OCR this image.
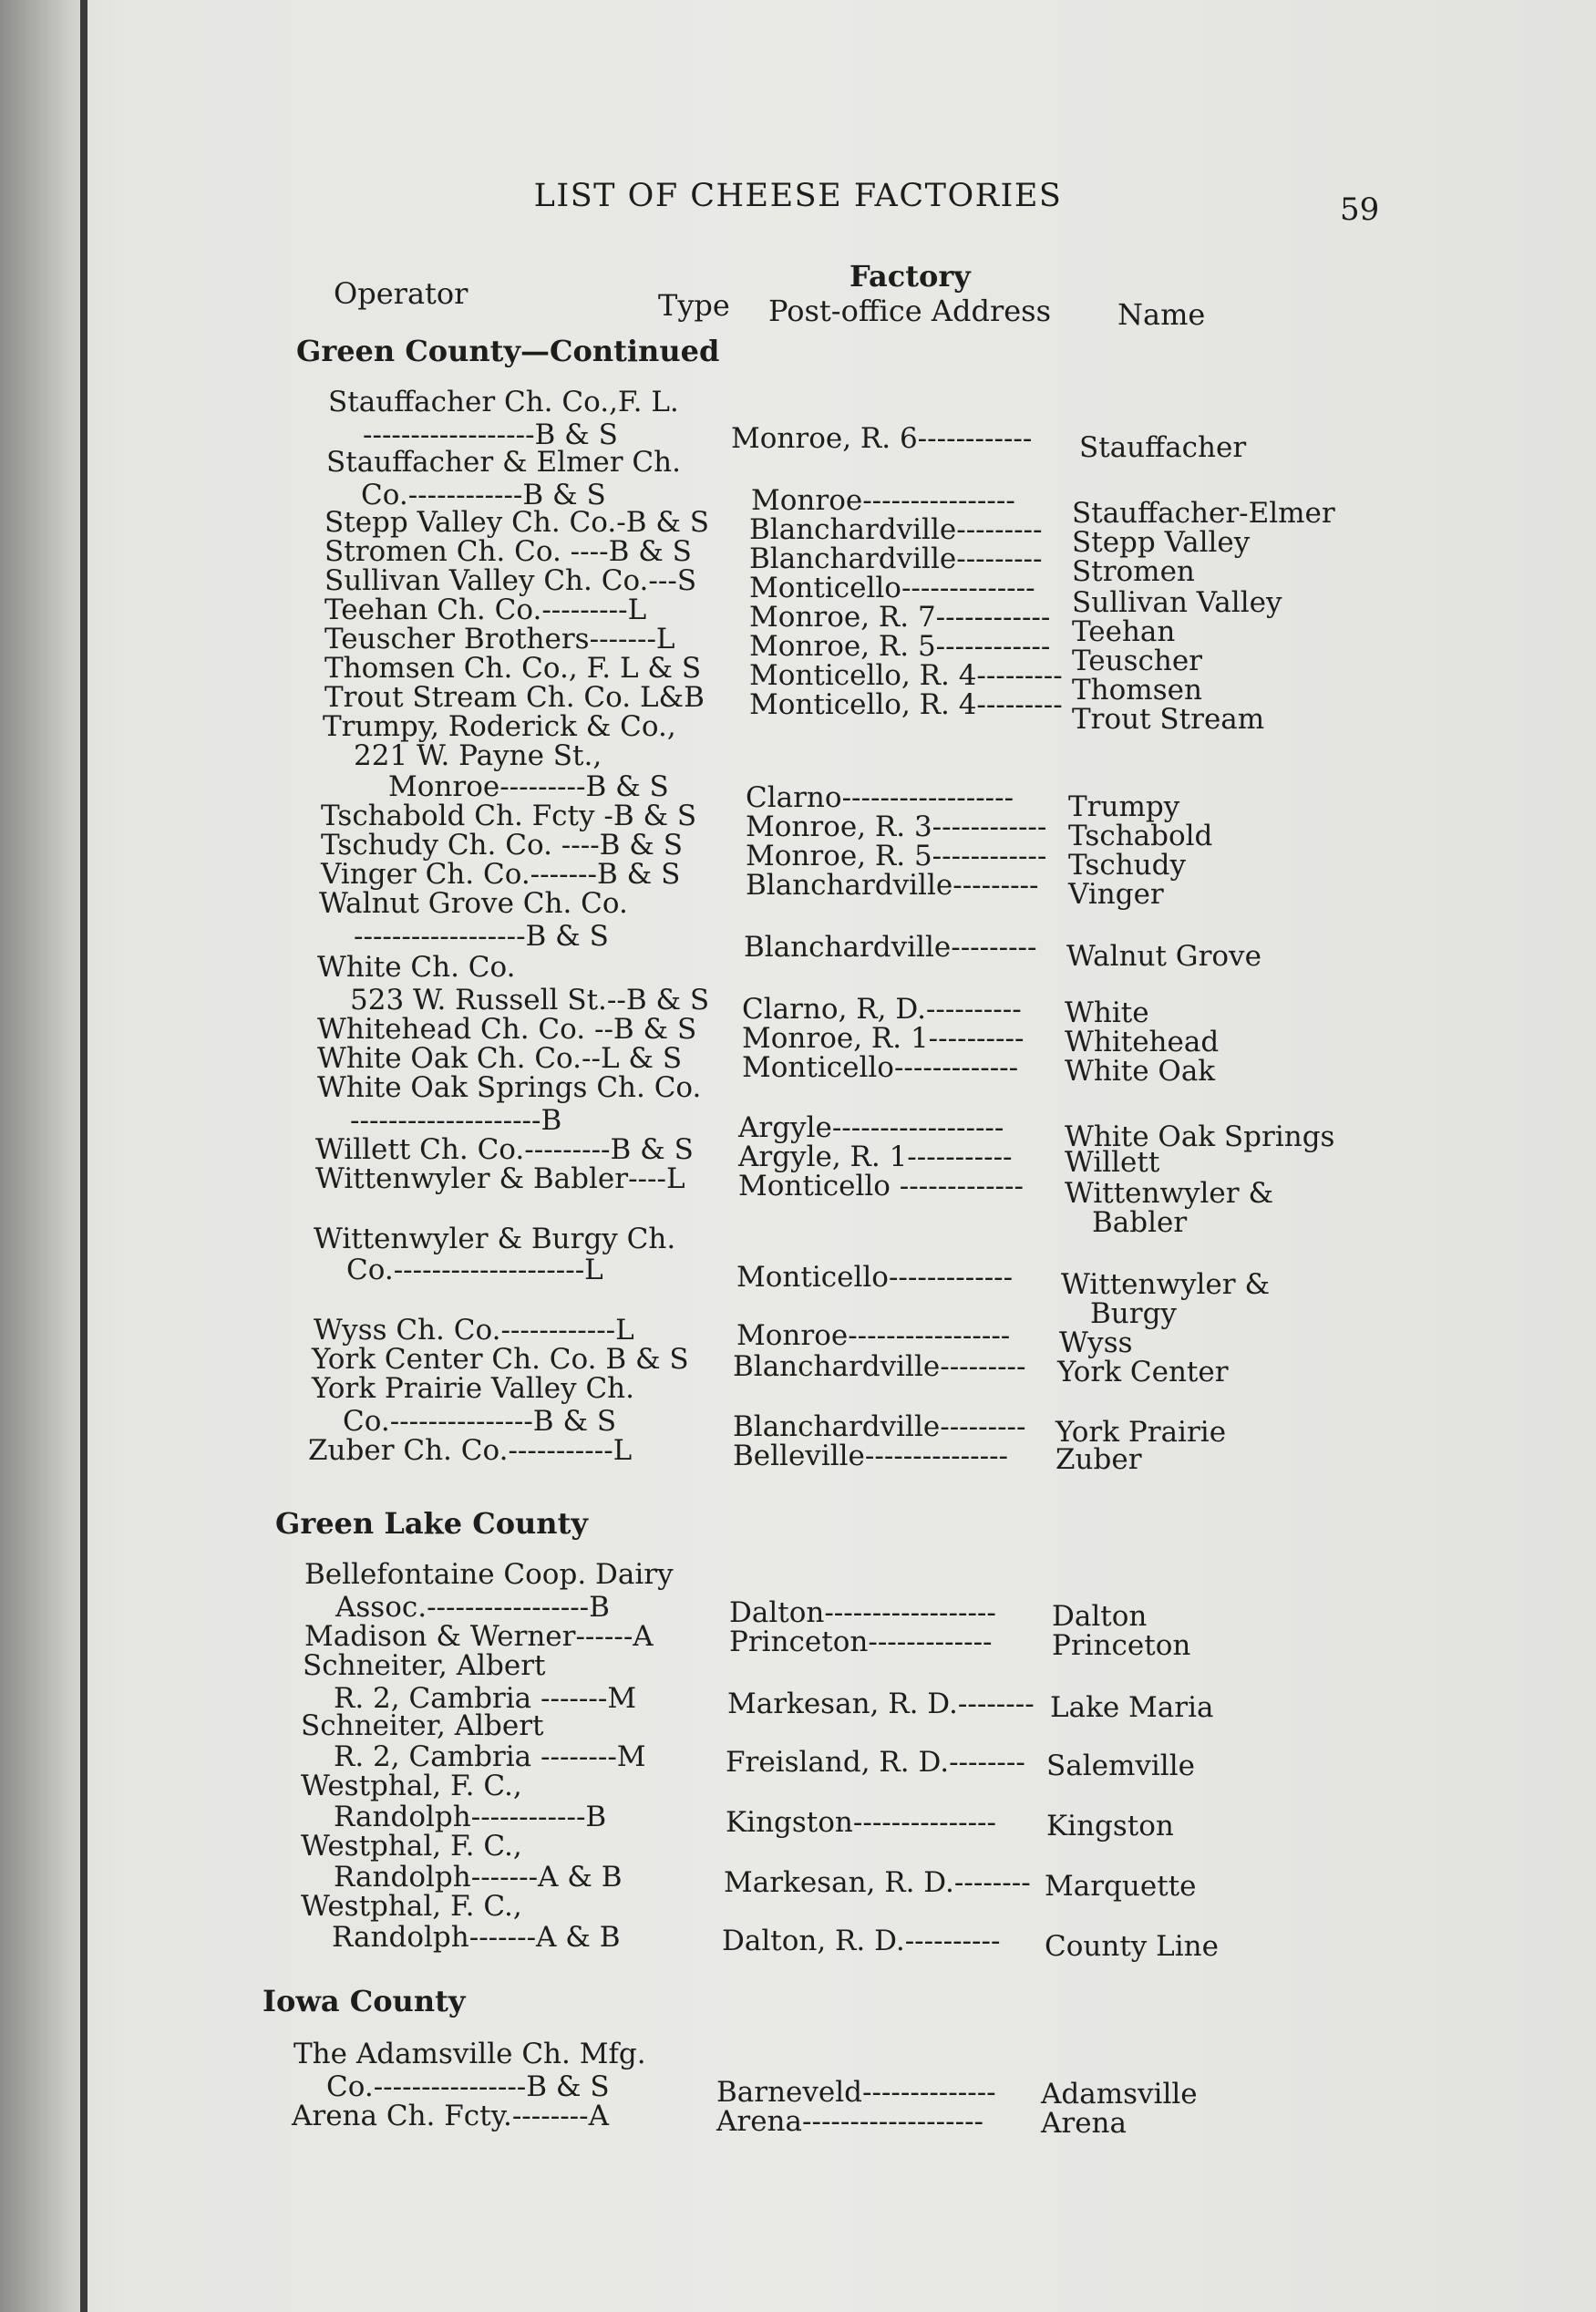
LIST OF CHEESE FACTORIES	59
Operator	Type
Factory
Post-office Address Name
Green County—Continued
Green Lake County
Iowa County
Stauffacher Ch. Co.,F. L.
------------------B & S
Stauffacher & Elmer Ch.
Co.------------B & S
Stepp Valley Ch. Co.-B & S
Stromen Ch. Co. ----B & S
Sullivan Valley Ch. Co.---S
Teehan Ch. Co.---------L
Teuscher Brothers-------L
Thomsen Ch. Co., F. L & S
Trout Stream Ch. Co. L&B
Trumpy, Roderick & Co.,
221 W. Payne St.,
Monroe---------B & S
Tschabold Ch. Fcty -B & S
Tschudy Ch. Co. ----B & S
Vinger Ch. Co.-------B & S
Walnut Grove Ch. Co.
------------------B & S
White Ch. Co.
523 W. Russell St.--B & S
Whitehead Ch. Co. --B & S
White Oak Ch. Co.--L & S
White Oak Springs Ch. Co.
--------------------B
Willett Ch. Co.---------B & S
Wittenwyler & Babler----L
Wittenwyler & Burgy Ch.
Co.--------------------L
Wyss Ch. Co.------------L
York Center Ch. Co. B & S
York Prairie Valley Ch.
Co.---------------B & S
Zuber Ch. Co.-----------L
Bellefontaine Coop. Dairy
Assoc.-----------------B
Madison & Werner------A
Schneiter, Albert
R. 2, Cambria -------M
Schneiter, Albert
R. 2, Cambria --------M
Westphal, F. C.,
Randolph------------B
Westphal, F. C.,
Randolph-------A & B
Westphal, F. C.,
Randolph-------A & B
The Adamsville Ch. Mfg.
Co.----------------B & S
Arena Ch. Fcty.--------A
Monroe, R. 6------------
Monroe----------------
Blanchardville---------
Blanchardville---------
Monticello--------------
Monroe, R. 7------------
Monroe, R. 5------------
Monticello, R. 4---------
Monticello, R. 4---------
Clarno------------------
Monroe, R. 3------------
Monroe, R. 5------------
Blanchardville---------
Blanchardville---------
Clarno, R, D.----------
Monroe, R. 1----------
Monticello-------------
Argyle------------------
Argyle, R. 1-----------
Monticello -------------
Monticello-------------
Monroe-----------------
Blanchardville---------
Blanchardville---------
Belleville---------------
Dalton------------------
Princeton-------------
Markesan, R. D.--------
Freisland, R. D.--------
Kingston---------------
Markesan, R. D.--------
Dalton, R. D.----------
Barneveld--------------
Arena-------------------
Stauffacher
Stauffacher-Elmer
Stepp Valley
Stromen
Sullivan Valley
Teehan
Teuscher
Thomsen
Trout Stream
Trumpy
Tschabold
Tschudy
Vinger
Walnut Grove
White
Whitehead
White Oak
White Oak Springs
Willett
Wittenwyler &
Babler
Wittenwyler &
Burgy
Wyss
York Center
York Prairie
Zuber
Dalton
Princeton
Lake Maria
Salemville
Kingston
Marquette
County Line
Adamsville
Arena
